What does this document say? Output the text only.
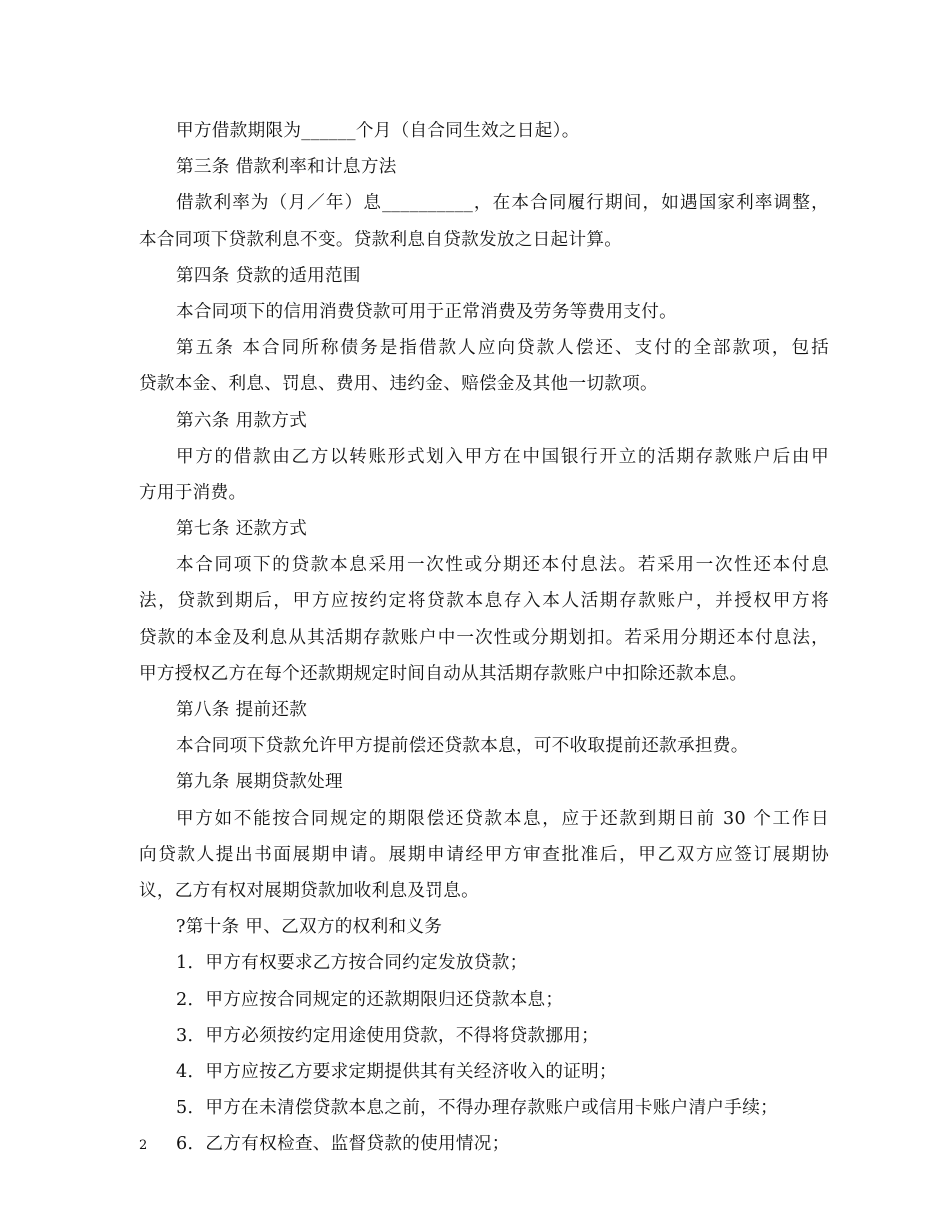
甲方借款期限为______个月（自合同生效之日起）。
第三条 借款利率和计息方法
借款利率为（月／年）息__________，在本合同履行期间，如遇国家利率调整，
本合同项下贷款利息不变。贷款利息自贷款发放之日起计算。
第四条 贷款的适用范围
本合同项下的信用消费贷款可用于正常消费及劳务等费用支付。
第五条 本合同所称债务是指借款人应向贷款人偿还、支付的全部款项，包括
贷款本金、利息、罚息、费用、违约金、赔偿金及其他一切款项。
第六条 用款方式
甲方的借款由乙方以转账形式划入甲方在中国银行开立的活期存款账户后由甲
方用于消费。
第七条 还款方式
本合同项下的贷款本息采用一次性或分期还本付息法。若采用一次性还本付息
法，贷款到期后，甲方应按约定将贷款本息存入本人活期存款账户，并授权甲方将
贷款的本金及利息从其活期存款账户中一次性或分期划扣。若采用分期还本付息法，
甲方授权乙方在每个还款期规定时间自动从其活期存款账户中扣除还款本息。
第八条 提前还款
本合同项下贷款允许甲方提前偿还贷款本息，可不收取提前还款承担费。
第九条 展期贷款处理
甲方如不能按合同规定的期限偿还贷款本息，应于还款到期日前 30 个工作日
向贷款人提出书面展期申请。展期申请经甲方审查批准后，甲乙双方应签订展期协
议，乙方有权对展期贷款加收利息及罚息。
?第十条 甲、乙双方的权利和义务
1．甲方有权要求乙方按合同约定发放贷款；
2．甲方应按合同规定的还款期限归还贷款本息；
3．甲方必须按约定用途使用贷款，不得将贷款挪用；
4．甲方应按乙方要求定期提供其有关经济收入的证明；
5．甲方在未清偿贷款本息之前，不得办理存款账户或信用卡账户清户手续；
6．乙方有权检查、监督贷款的使用情况；
2
